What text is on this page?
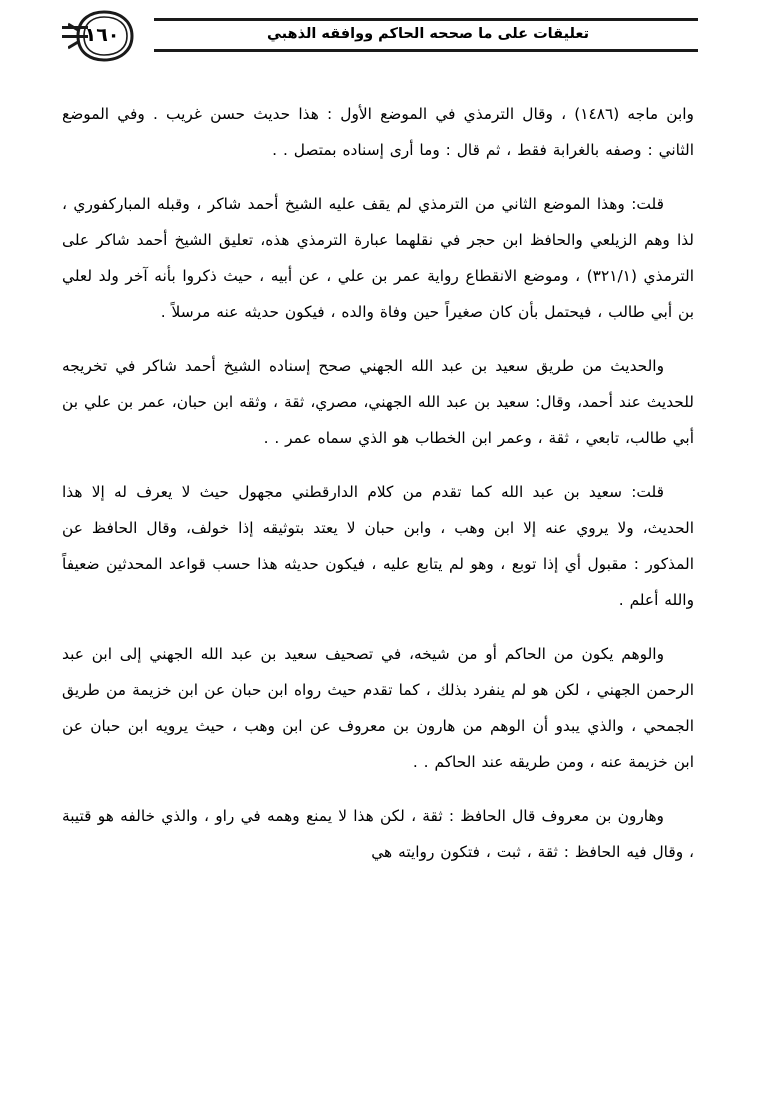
تعليقات على ما صححه الحاكم ووافقه الذهبي
١٦٠

وابن ماجه (١٤٨٦) ، وقال الترمذي في الموضع الأول : هذا حديث حسن غريب . وفي الموضع الثاني : وصفه بالغرابة فقط ، ثم قال : وما أرى إسناده بمتصل . .

قلت: وهذا الموضع الثاني من الترمذي لم يقف عليه الشيخ أحمد شاكر ، وقبله المباركفوري ، لذا وهم الزيلعي والحافظ ابن حجر في نقلهما عبارة الترمذي هذه، تعليق الشيخ أحمد شاكر على الترمذي (٣٢١/١) ، وموضع الانقطاع رواية عمر بن علي ، عن أبيه ، حيث ذكروا بأنه آخر ولد لعلي بن أبي طالب ، فيحتمل بأن كان صغيراً حين وفاة والده ، فيكون حديثه عنه مرسلاً .

والحديث من طريق سعيد بن عبد الله الجهني صحح إسناده الشيخ أحمد شاكر في تخريجه للحديث عند أحمد، وقال: سعيد بن عبد الله الجهني، مصري، ثقة ، وثقه ابن حبان، عمر بن علي بن أبي طالب، تابعي ، ثقة ، وعمر ابن الخطاب هو الذي سماه عمر . .

قلت: سعيد بن عبد الله كما تقدم من كلام الدارقطني مجهول حيث لا يعرف له إلا هذا الحديث، ولا يروي عنه إلا ابن وهب ، وابن حبان لا يعتد بتوثيقه إذا خولف، وقال الحافظ عن المذكور : مقبول أي إذا توبع ، وهو لم يتابع عليه ، فيكون حديثه هذا حسب قواعد المحدثين ضعيفاً والله أعلم .

والوهم يكون من الحاكم أو من شيخه، في تصحيف سعيد بن عبد الله الجهني إلى ابن عبد الرحمن الجهني ، لكن هو لم ينفرد بذلك ، كما تقدم حيث رواه ابن حبان عن ابن خزيمة من طريق الجمحي ، والذي يبدو أن الوهم من هارون بن معروف عن ابن وهب ، حيث يرويه ابن حبان عن ابن خزيمة عنه ، ومن طريقه عند الحاكم . .

وهارون بن معروف قال الحافظ : ثقة ، لكن هذا لا يمنع وهمه في راو ، والذي خالفه هو قتيبة ، وقال فيه الحافظ : ثقة ، ثبت ، فتكون روايته هي
